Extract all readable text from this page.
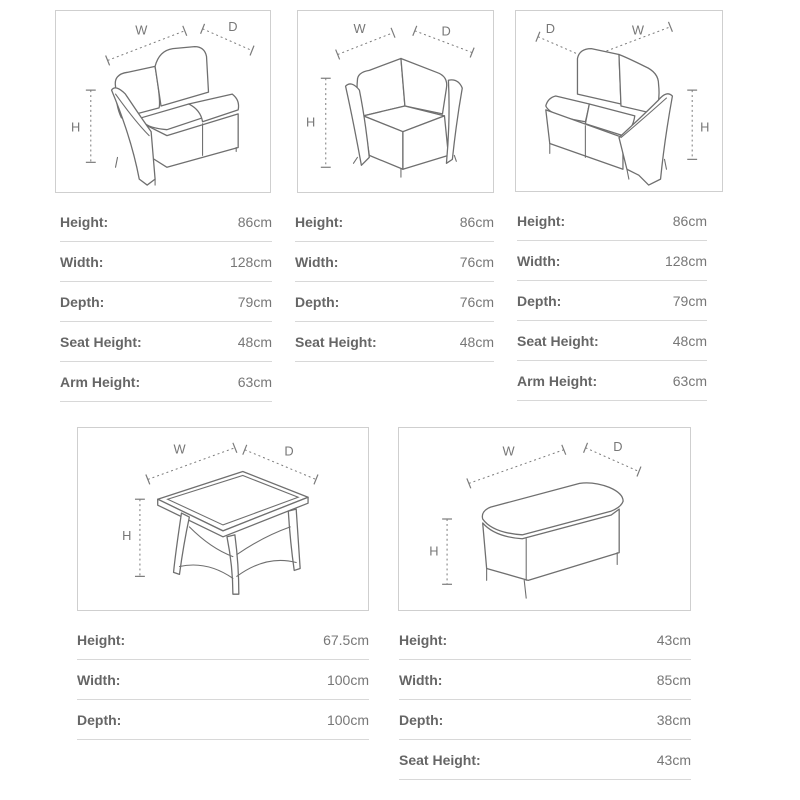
W	D
H
Height:	86cm
Width:	128cm
Depth:	79cm
Seat Height:	48cm
Arm Height:	63cm
W	D
H
Height:	86cm
Width:	76cm
Depth:	76cm
Seat Height:	48cm
D	W
H
Height:	86cm
Width:	128cm
Depth:	79cm
Seat Height:	48cm
Arm Height:	63cm
W	D
H
Height:	67.5cm
Width:	100cm
Depth:	100cm
W	D
H
Height:	43cm
Width:	85cm
Depth:	38cm
Seat Height:	43cm
